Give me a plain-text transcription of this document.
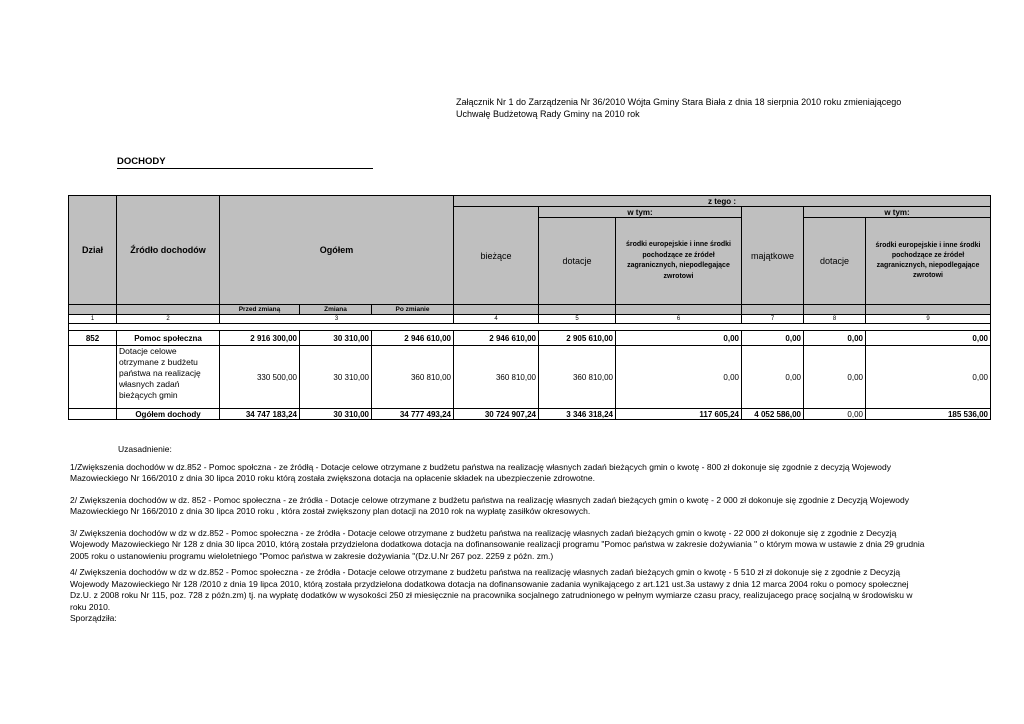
Załącznik Nr 1 do Zarządzenia Nr 36/2010 Wójta Gminy Stara Biała z dnia 18 sierpnia 2010 roku zmieniającego Uchwałę Budżetową Rady Gminy na 2010 rok
DOCHODY
Dział	Źródło dochodów	Ogółem			z tego :					
					bieżące	w tym:		majątkowe	w tym:	
						dotacje	środki europejskie i inne środki pochodzące ze źródeł zagranicznych, niepodlegające zwrotowi		dotacje	środki europejskie i inne środki pochodzące ze źródeł zagranicznych, niepodlegające zwrotowi
		Przed zmianą	Zmiana	Po zmianie						
1	2	3			4	5	6	7	8	9

852	Pomoc społeczna	2 916 300,00	30 310,00	2 946 610,00	2 946 610,00	2 905 610,00	0,00	0,00	0,00	0,00
	Dotacje celowe otrzymane z budżetu państwa na realizację własnych zadań bieżących gmin	330 500,00	30 310,00	360 810,00	360 810,00	360 810,00	0,00	0,00	0,00	0,00
	Ogółem dochody	34 747 183,24	30 310,00	34 777 493,24	30 724 907,24	3 346 318,24	117 605,24	4 052 586,00	0,00	185 536,00

Uzasadnienie:

1/Zwiększenia dochodów w dz.852 - Pomoc społczna - ze źródłą - Dotacje celowe otrzymane z budżetu państwa na realizację własnych zadań bieżących gmin o kwotę - 800 zł dokonuje się zgodnie z decyzją Wojewody Mazowieckiego Nr 166/2010 z dnia 30 lipca 2010 roku którą została zwiększona dotacja na opłacenie składek na ubezpieczenie zdrowotne.

2/ Zwiększenia dochodów w dz. 852 - Pomoc społeczna - ze źródła - Dotacje celowe otrzymane z budżetu państwa na realizację własnych zadań bieżących gmin o kwotę - 2 000 zł dokonuje się zgodnie z Decyzją Wojewody Mazowieckiego Nr 166/2010 z dnia 30 lipca 2010 roku , która został zwiększony plan dotacji na 2010 rok na wypłatę zasiłków okresowych.

3/ Zwiększenia dochodów w dz w dz.852 - Pomoc społeczna - ze źródła - Dotacje celowe otrzymane z budżetu państwa na realizację własnych zadań bieżących gmin o kwotę - 22 000 zł dokonuje się z zgodnie z Decyzją Wojewody Mazowieckiego Nr 128 z dnia 30 lipca 2010, którą została przydzielona dodatkowa dotacja na dofinansowanie realizacji programu "Pomoc państwa w zakresie dożywiania " o którym mowa w ustawie z dnia 29 grudnia 2005 roku o ustanowieniu programu wieloletniego "Pomoc państwa w zakresie dożywiania "(Dz.U.Nr 267 poz. 2259 z późn. zm.)

4/ Zwiększenia dochodów w dz w dz.852 - Pomoc społeczna - ze źródła - Dotacje celowe otrzymane z budżetu państwa na realizację własnych zadań bieżących gmin o kwotę - 5 510 zł zł dokonuje się z zgodnie z Decyzją Wojewody Mazowieckiego Nr 128 /2010 z dnia 19 lipca 2010, którą została przydzielona dodatkowa dotacja na dofinansowanie zadania wynikającego z art.121 ust.3a ustawy z dnia 12 marca 2004 roku o pomocy społecznej Dz.U. z 2008 roku Nr 115, poz. 728 z późn.zm) tj. na wypłatę dodatków w wysokości 250 zł miesięcznie na pracownika socjalnego zatrudnionego w pełnym wymiarze czasu pracy, realizujacego pracę socjalną w środowisku w roku 2010.

Sporządziła:
